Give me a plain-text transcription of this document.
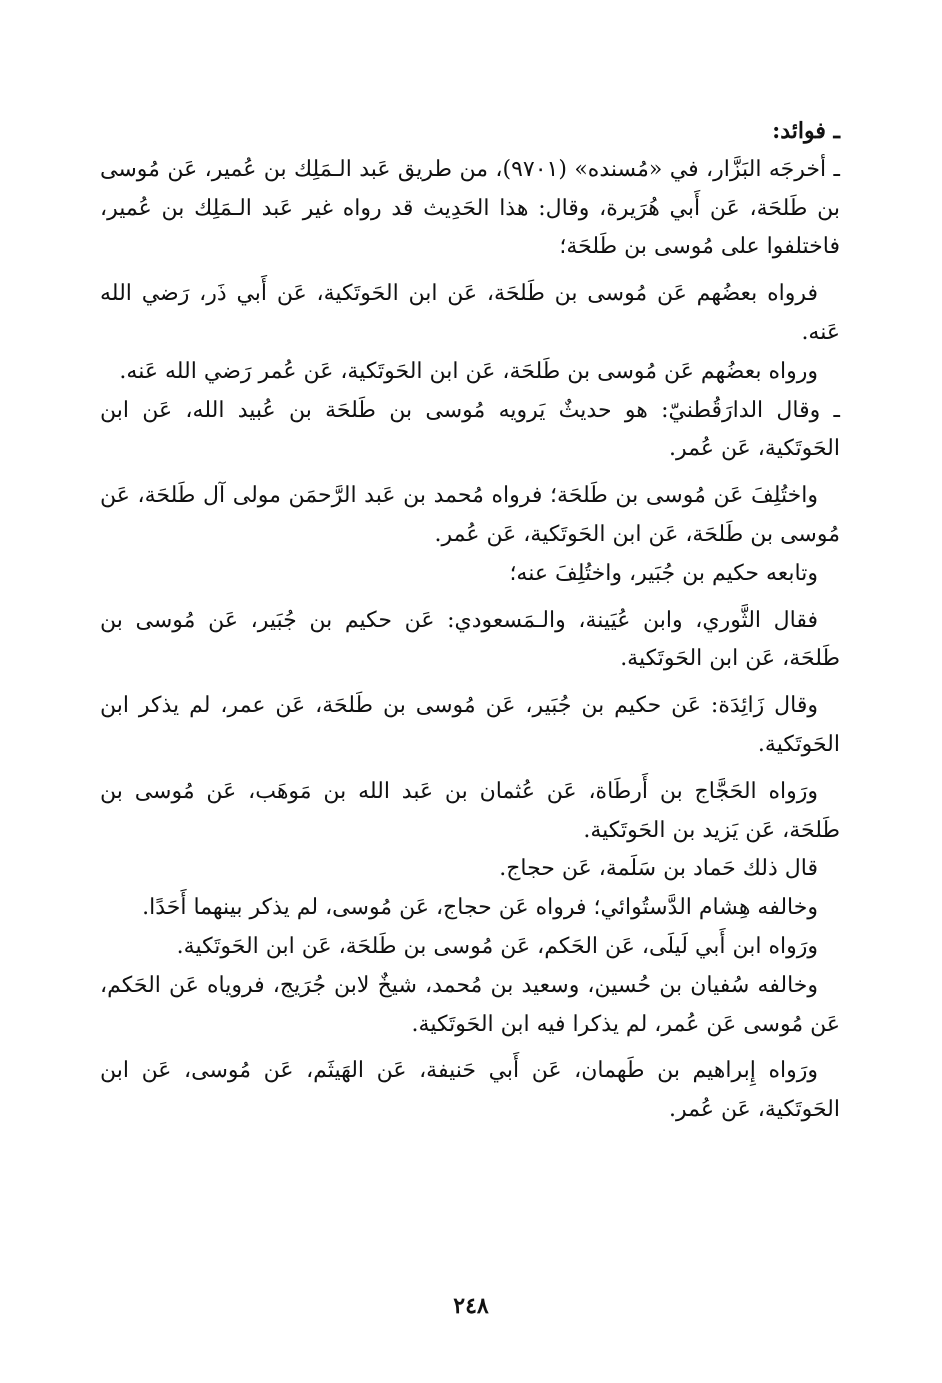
ـ فوائد:

ـ أخرجَه البَزَّار، في «مُسنده» (٩٧٠١)، من طريق عَبد الـمَلِك بن عُمير، عَن مُوسى بن طَلحَة، عَن أَبي هُرَيرة، وقال: هذا الحَدِيث قد رواه غير عَبد الـمَلِك بن عُمير، فاختلفوا على مُوسى بن طَلحَة؛

فرواه بعضُهم عَن مُوسى بن طَلحَة، عَن ابن الحَوتَكية، عَن أَبي ذَر، رَضي الله عَنه.

ورواه بعضُهم عَن مُوسى بن طَلحَة، عَن ابن الحَوتَكية، عَن عُمر رَضي الله عَنه.

ـ وقال الدارَقُطنيّ: هو حديثٌ يَرويه مُوسى بن طَلحَة بن عُبيد الله، عَن ابن الحَوتَكية، عَن عُمر.

واختُلِفَ عَن مُوسى بن طَلحَة؛ فرواه مُحمد بن عَبد الرَّحمَن مولى آل طَلحَة، عَن مُوسى بن طَلحَة، عَن ابن الحَوتَكية، عَن عُمر.

وتابعه حكيم بن جُبَير، واختُلِفَ عنه؛

فقال الثَّوري، وابن عُيَينة، والـمَسعودي: عَن حكيم بن جُبَير، عَن مُوسى بن طَلحَة، عَن ابن الحَوتَكية.

وقال زَائِدَة: عَن حكيم بن جُبَير، عَن مُوسى بن طَلحَة، عَن عمر، لم يذكر ابن الحَوتَكية.

ورَواه الحَجَّاج بن أَرطَاة، عَن عُثمان بن عَبد الله بن مَوهَب، عَن مُوسى بن طَلحَة، عَن يَزيد بن الحَوتَكية.

قال ذلك حَماد بن سَلَمة، عَن حجاج.

وخالفه هِشام الدَّستُوائي؛ فرواه عَن حجاج، عَن مُوسى، لم يذكر بينهما أَحَدًا.

ورَواه ابن أَبي لَيلَى، عَن الحَكم، عَن مُوسى بن طَلحَة، عَن ابن الحَوتَكية.

وخالفه سُفيان بن حُسين، وسعيد بن مُحمد، شيخٌ لابن جُرَيج، فروياه عَن الحَكم، عَن مُوسى عَن عُمر، لم يذكرا فيه ابن الحَوتَكية.

ورَواه إِبراهيم بن طَهمان، عَن أَبي حَنيفة، عَن الهَيثَم، عَن مُوسى، عَن ابن الحَوتَكية، عَن عُمر.

٢٤٨
